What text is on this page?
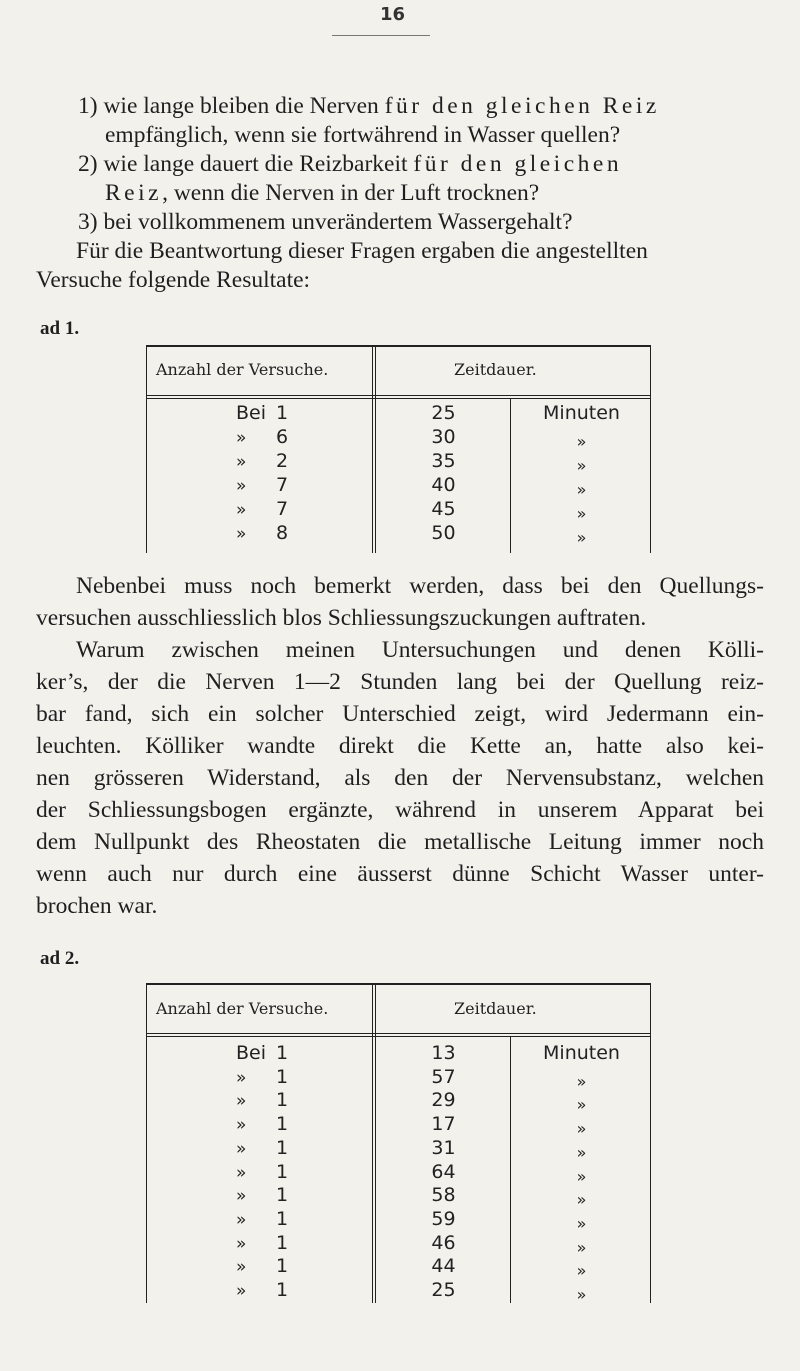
16
1) wie lange bleiben die Nerven für den gleichen Reiz
empfänglich, wenn sie fortwährend in Wasser quellen?
2) wie lange dauert die Reizbarkeit für den gleichen
Reiz, wenn die Nerven in der Luft trocknen?
3) bei vollkommenem unverändertem Wassergehalt?
Für die Beantwortung dieser Fragen ergaben die angestellten
Versuche folgende Resultate:
ad 1.
Anzahl der Versuche.	Zeitdauer.
Bei 1	25	Minuten
» 6	30	»
» 2	35	»
» 7	40	»
» 7	45	»
» 8	50	»
Nebenbei muss noch bemerkt werden, dass bei den Quellungs-
versuchen ausschliesslich blos Schliessungszuckungen auftraten.
Warum zwischen meinen Untersuchungen und denen Kölli-
ker’s, der die Nerven 1—2 Stunden lang bei der Quellung reiz-
bar fand, sich ein solcher Unterschied zeigt, wird Jedermann ein-
leuchten. Kölliker wandte direkt die Kette an, hatte also kei-
nen grösseren Widerstand, als den der Nervensubstanz, welchen
der Schliessungsbogen ergänzte, während in unserem Apparat bei
dem Nullpunkt des Rheostaten die metallische Leitung immer noch
wenn auch nur durch eine äusserst dünne Schicht Wasser unter-
brochen war.
ad 2.
Anzahl der Versuche.	Zeitdauer.
Bei 1	13	Minuten
» 1	57	»
» 1	29	»
» 1	17	»
» 1	31	»
» 1	64	»
» 1	58	»
» 1	59	»
» 1	46	»
» 1	44	»
» 1	25	»
